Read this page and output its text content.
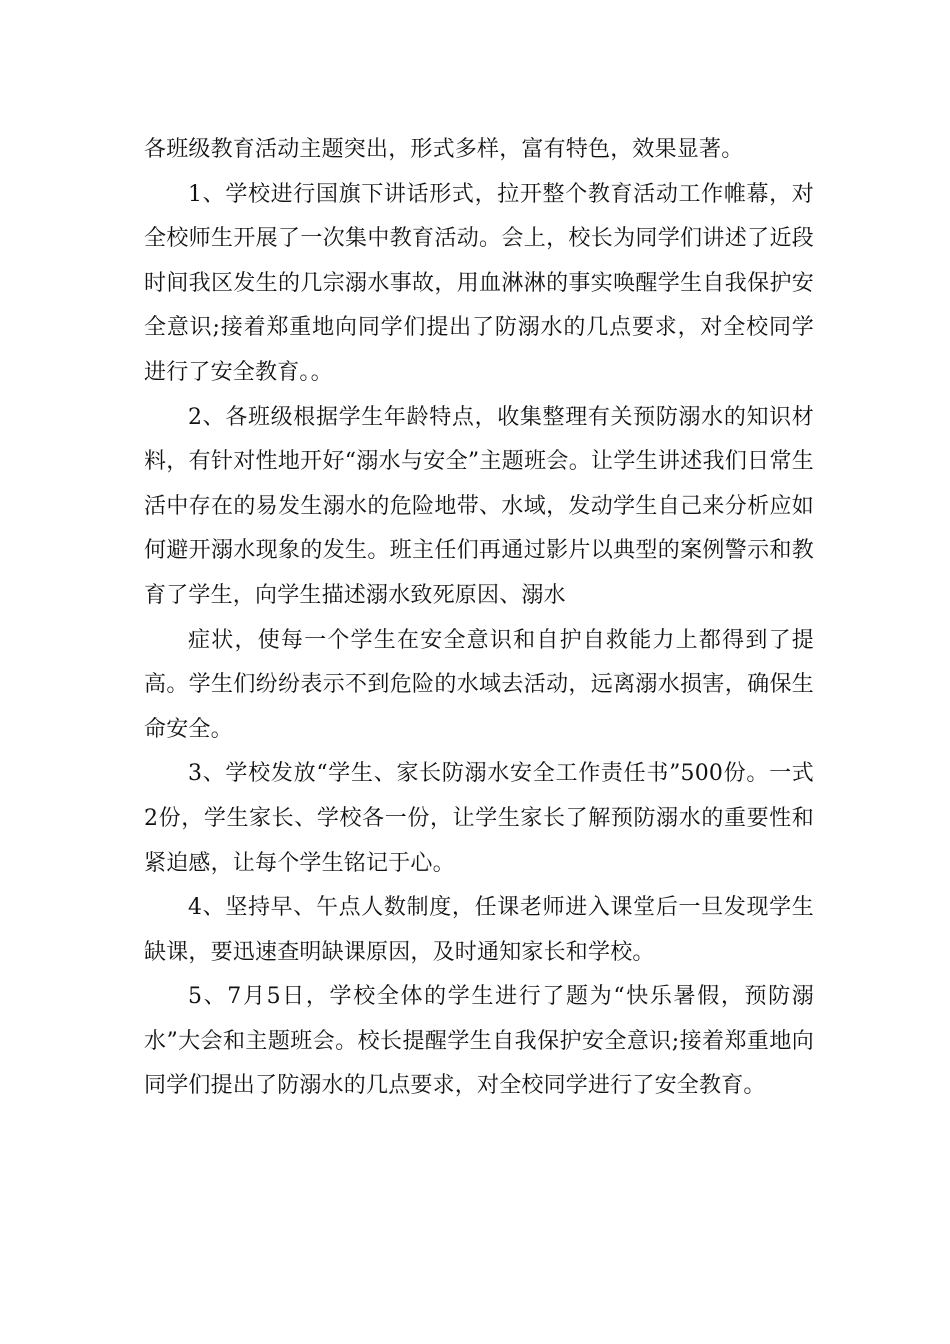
各班级教育活动主题突出，形式多样，富有特色，效果显著。

1、学校进行国旗下讲话形式，拉开整个教育活动工作帷幕，对全校师生开展了一次集中教育活动。会上，校长为同学们讲述了近段时间我区发生的几宗溺水事故，用血淋淋的事实唤醒学生自我保护安全意识;接着郑重地向同学们提出了防溺水的几点要求，对全校同学进行了安全教育。。

2、各班级根据学生年龄特点，收集整理有关预防溺水的知识材料，有针对性地开好“溺水与安全”主题班会。让学生讲述我们日常生活中存在的易发生溺水的危险地带、水域，发动学生自己来分析应如何避开溺水现象的发生。班主任们再通过影片以典型的案例警示和教育了学生，向学生描述溺水致死原因、溺水

症状，使每一个学生在安全意识和自护自救能力上都得到了提高。学生们纷纷表示不到危险的水域去活动，远离溺水损害，确保生命安全。

3、学校发放“学生、家长防溺水安全工作责任书”500份。一式2份，学生家长、学校各一份，让学生家长了解预防溺水的重要性和紧迫感，让每个学生铭记于心。

4、坚持早、午点人数制度，任课老师进入课堂后一旦发现学生缺课，要迅速查明缺课原因，及时通知家长和学校。

5、7月5日，学校全体的学生进行了题为“快乐暑假，预防溺水”大会和主题班会。校长提醒学生自我保护安全意识;接着郑重地向同学们提出了防溺水的几点要求，对全校同学进行了安全教育。
